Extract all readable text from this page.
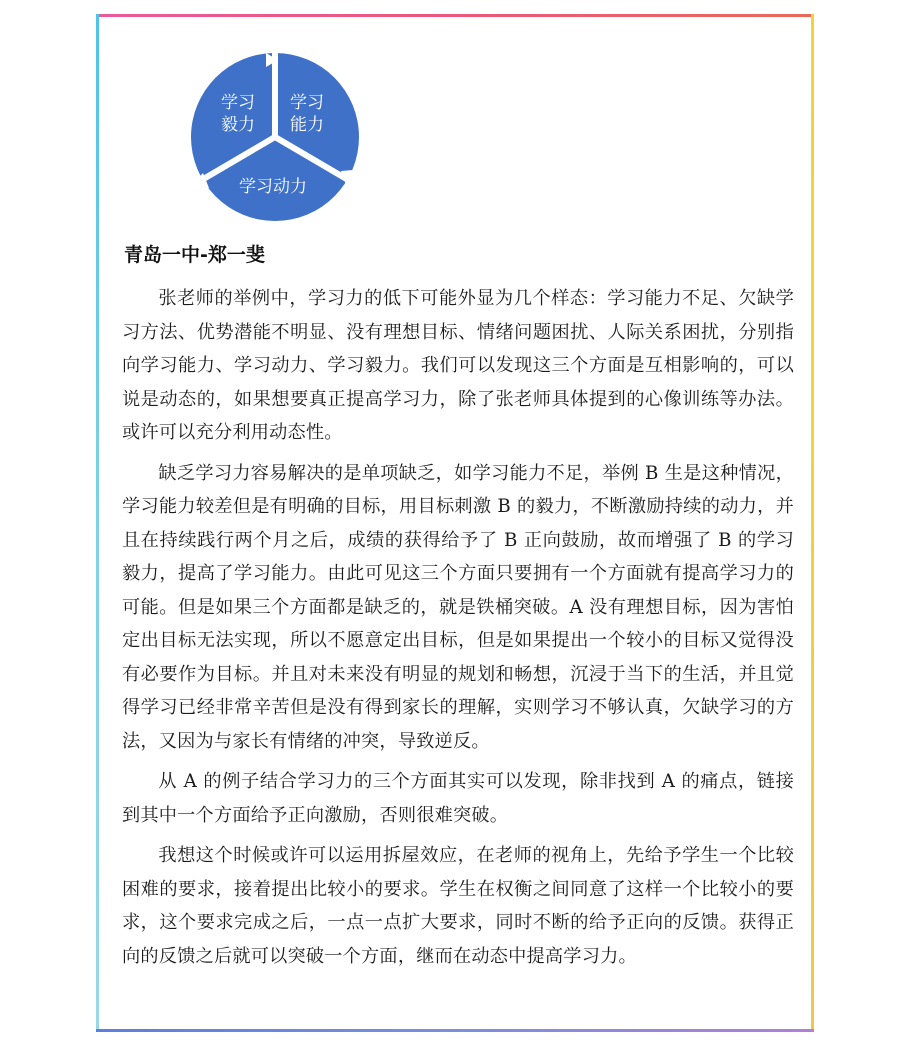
学习
毅力
学习
能力
学习动力
青岛一中-郑一斐

张老师的举例中，学习力的低下可能外显为几个样态：学习能力不足、欠缺学习方法、优势潜能不明显、没有理想目标、情绪问题困扰、人际关系困扰，分别指向学习能力、学习动力、学习毅力。我们可以发现这三个方面是互相影响的，可以说是动态的，如果想要真正提高学习力，除了张老师具体提到的心像训练等办法。或许可以充分利用动态性。

缺乏学习力容易解决的是单项缺乏，如学习能力不足，举例 B 生是这种情况，学习能力较差但是有明确的目标，用目标刺激 B 的毅力，不断激励持续的动力，并且在持续践行两个月之后，成绩的获得给予了 B 正向鼓励，故而增强了 B 的学习毅力，提高了学习能力。由此可见这三个方面只要拥有一个方面就有提高学习力的可能。但是如果三个方面都是缺乏的，就是铁桶突破。A 没有理想目标，因为害怕定出目标无法实现，所以不愿意定出目标，但是如果提出一个较小的目标又觉得没有必要作为目标。并且对未来没有明显的规划和畅想，沉浸于当下的生活，并且觉得学习已经非常辛苦但是没有得到家长的理解，实则学习不够认真，欠缺学习的方法，又因为与家长有情绪的冲突，导致逆反。

从 A 的例子结合学习力的三个方面其实可以发现，除非找到 A 的痛点，链接到其中一个方面给予正向激励，否则很难突破。

我想这个时候或许可以运用拆屋效应，在老师的视角上，先给予学生一个比较困难的要求，接着提出比较小的要求。学生在权衡之间同意了这样一个比较小的要求，这个要求完成之后，一点一点扩大要求，同时不断的给予正向的反馈。获得正向的反馈之后就可以突破一个方面，继而在动态中提高学习力。
